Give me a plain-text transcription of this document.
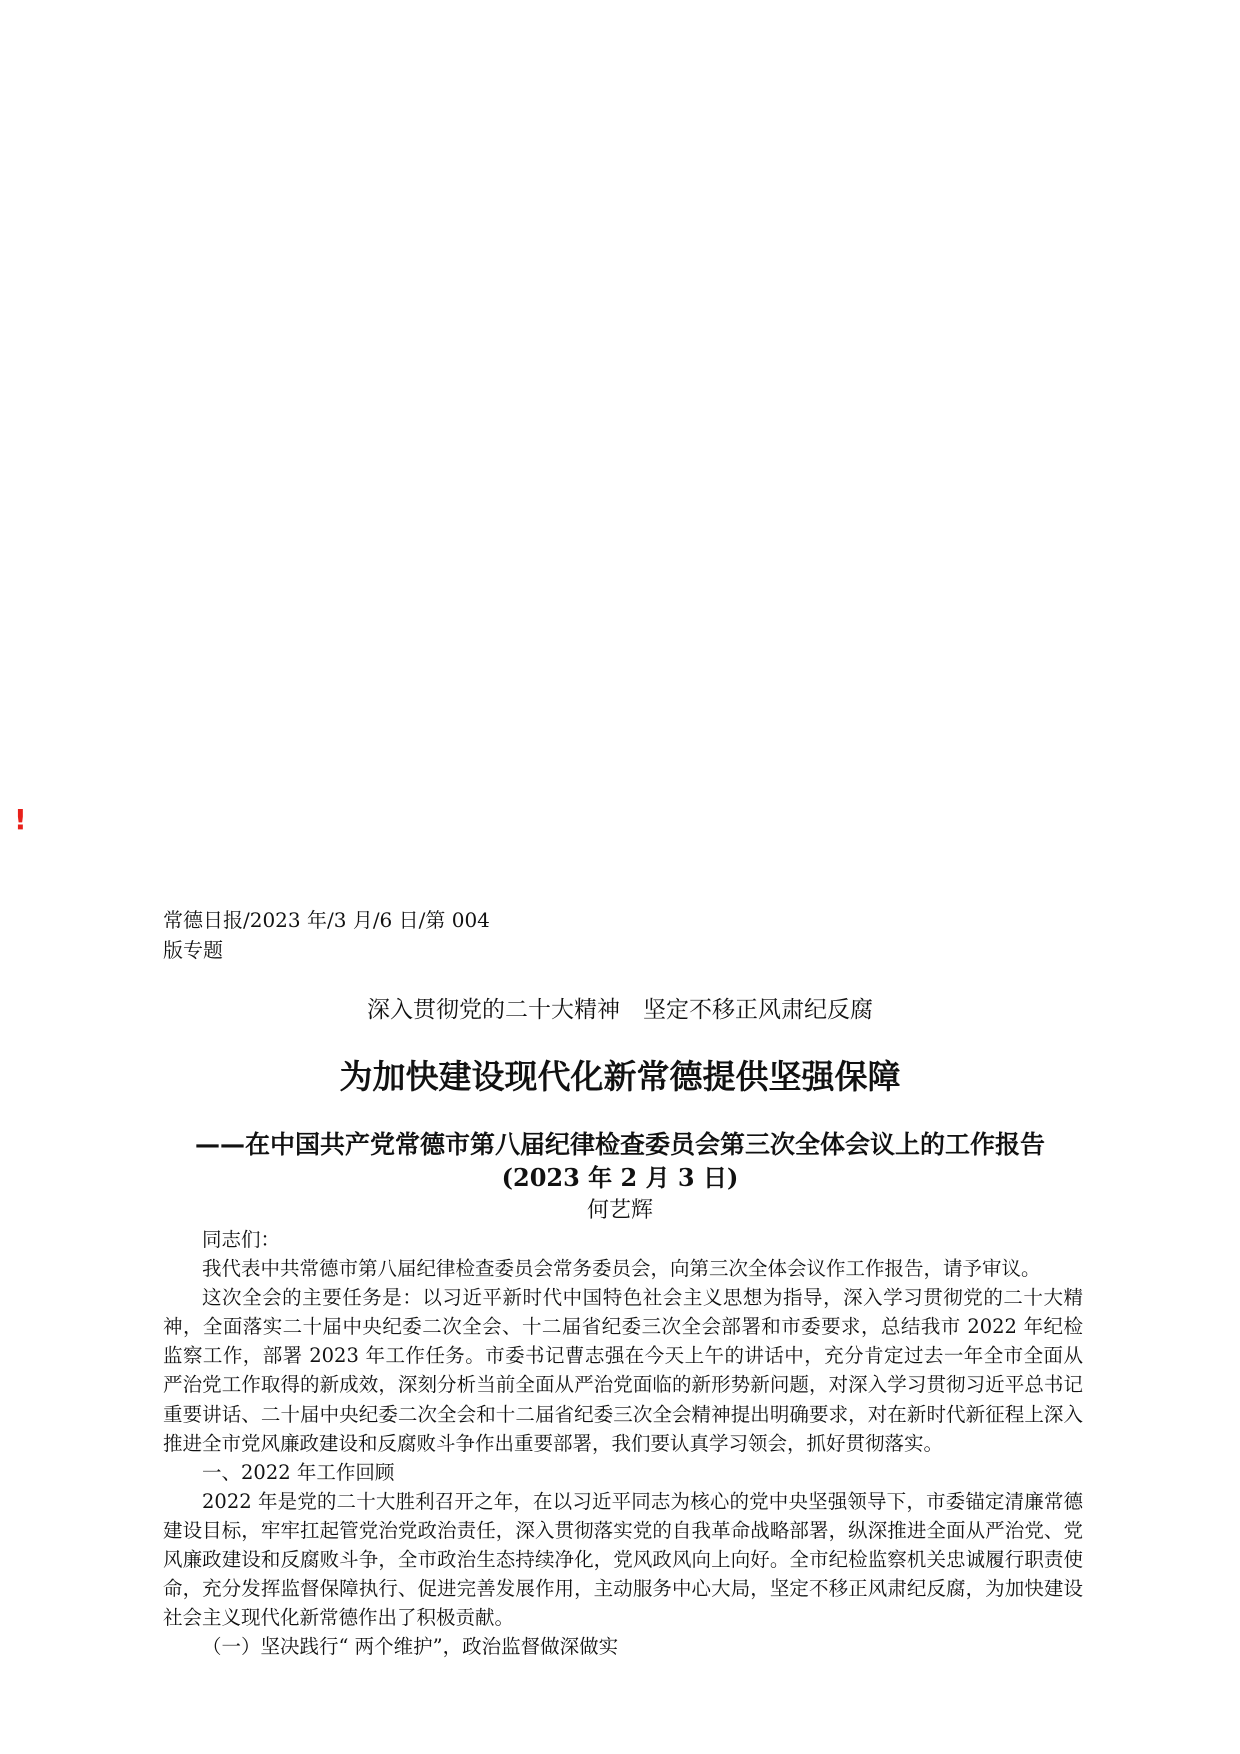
!
常德日报/2023 年/3 月/6 日/第 004 版专题
深入贯彻党的二十大精神　坚定不移正风肃纪反腐
为加快建设现代化新常德提供坚强保障
——在中国共产党常德市第八届纪律检查委员会第三次全体会议上的工作报告
(2023 年 2 月 3 日)
何艺辉

同志们：

我代表中共常德市第八届纪律检查委员会常务委员会，向第三次全体会议作工作报告，请予审议。

这次全会的主要任务是：以习近平新时代中国特色社会主义思想为指导，深入学习贯彻党的二十大精神，全面落实二十届中央纪委二次全会、十二届省纪委三次全会部署和市委要求，总结我市 2022 年纪检监察工作，部署 2023 年工作任务。市委书记曹志强在今天上午的讲话中，充分肯定过去一年全市全面从严治党工作取得的新成效，深刻分析当前全面从严治党面临的新形势新问题，对深入学习贯彻习近平总书记重要讲话、二十届中央纪委二次全会和十二届省纪委三次全会精神提出明确要求，对在新时代新征程上深入推进全市党风廉政建设和反腐败斗争作出重要部署，我们要认真学习领会，抓好贯彻落实。

一、2022 年工作回顾

2022 年是党的二十大胜利召开之年，在以习近平同志为核心的党中央坚强领导下，市委锚定清廉常德建设目标，牢牢扛起管党治党政治责任，深入贯彻落实党的自我革命战略部署，纵深推进全面从严治党、党风廉政建设和反腐败斗争，全市政治生态持续净化，党风政风向上向好。全市纪检监察机关忠诚履行职责使命，充分发挥监督保障执行、促进完善发展作用，主动服务中心大局，坚定不移正风肃纪反腐，为加快建设社会主义现代化新常德作出了积极贡献。

（一）坚决践行“ 两个维护”，政治监督做深做实
